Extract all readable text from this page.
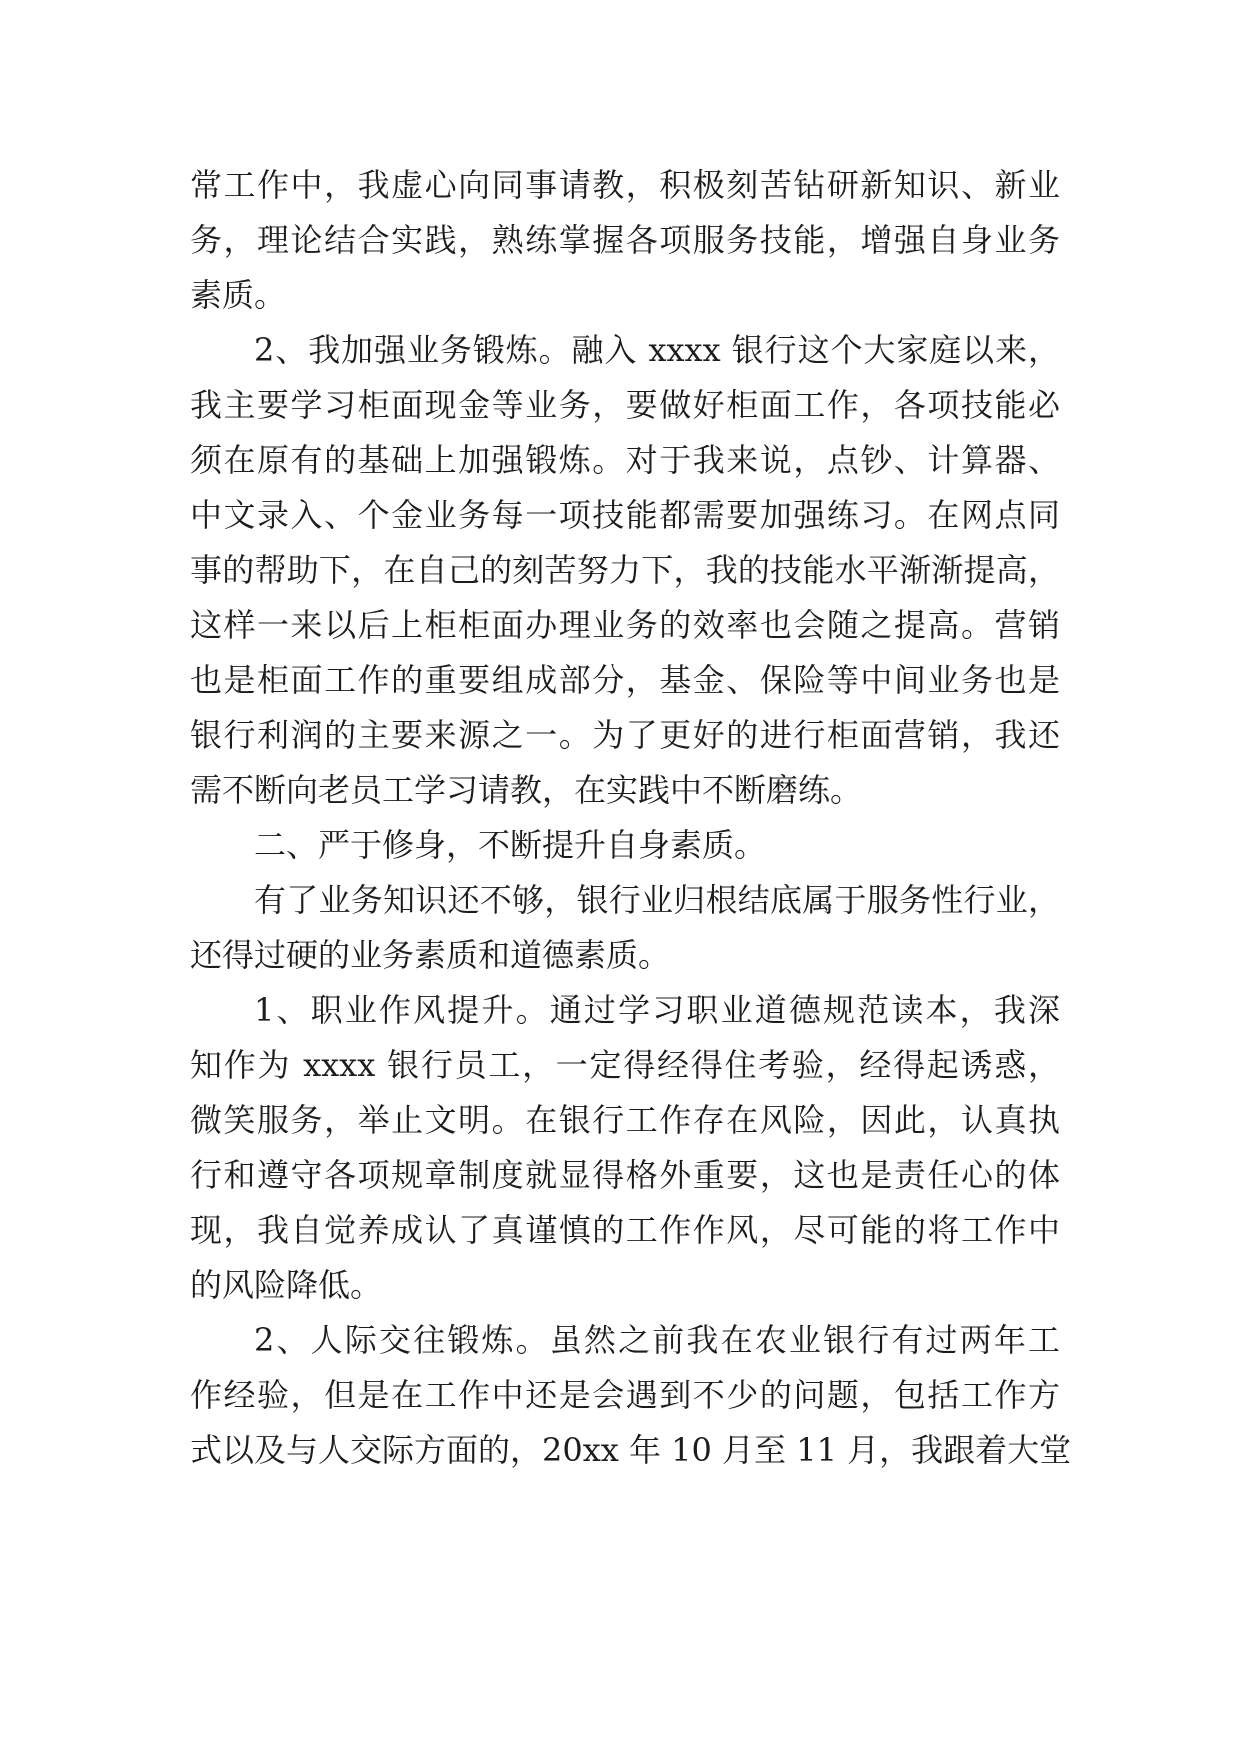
常工作中，我虚心向同事请教，积极刻苦钻研新知识、新业
务，理论结合实践，熟练掌握各项服务技能，增强自身业务
素质。
2、我加强业务锻炼。融入 xxxx 银行这个大家庭以来，
我主要学习柜面现金等业务，要做好柜面工作，各项技能必
须在原有的基础上加强锻炼。对于我来说，点钞、计算器、
中文录入、个金业务每一项技能都需要加强练习。在网点同
事的帮助下，在自己的刻苦努力下，我的技能水平渐渐提高，
这样一来以后上柜柜面办理业务的效率也会随之提高。营销
也是柜面工作的重要组成部分，基金、保险等中间业务也是
银行利润的主要来源之一。为了更好的进行柜面营销，我还
需不断向老员工学习请教，在实践中不断磨练。
二、严于修身，不断提升自身素质。
有了业务知识还不够，银行业归根结底属于服务性行业，
还得过硬的业务素质和道德素质。
1、职业作风提升。通过学习职业道德规范读本，我深
知作为 xxxx 银行员工，一定得经得住考验，经得起诱惑，
微笑服务，举止文明。在银行工作存在风险，因此，认真执
行和遵守各项规章制度就显得格外重要，这也是责任心的体
现，我自觉养成认了真谨慎的工作作风，尽可能的将工作中
的风险降低。
2、人际交往锻炼。虽然之前我在农业银行有过两年工
作经验，但是在工作中还是会遇到不少的问题，包括工作方
式以及与人交际方面的，20xx 年 10 月至 11 月，我跟着大堂
